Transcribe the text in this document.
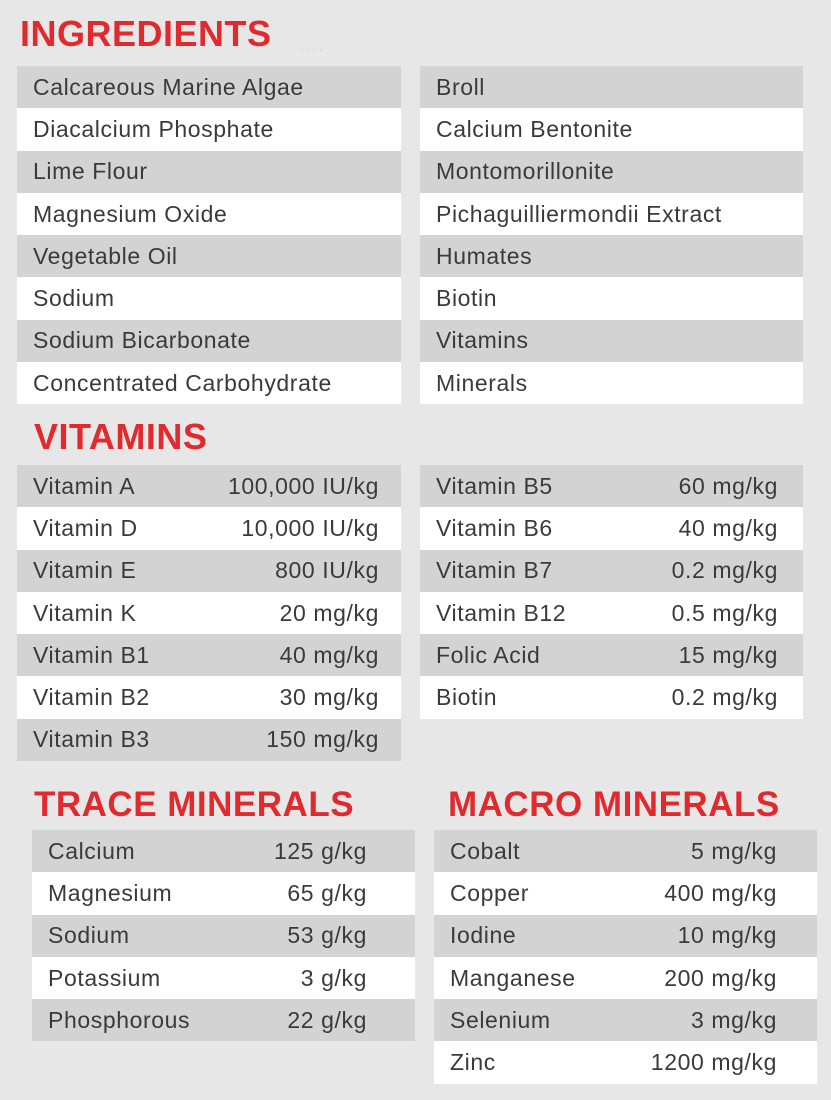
INGREDIENTS ....
Calcareous Marine Algae
Diacalcium Phosphate
Lime Flour
Magnesium Oxide
Vegetable Oil
Sodium
Sodium Bicarbonate
Concentrated Carbohydrate
Broll
Calcium Bentonite
Montomorillonite
Pichaguilliermondii Extract
Humates
Biotin
Vitamins
Minerals
VITAMINS
Vitamin A	100,000 IU/kg
Vitamin D	10,000 IU/kg
Vitamin E	800 IU/kg
Vitamin K	20 mg/kg
Vitamin B1	40 mg/kg
Vitamin B2	30 mg/kg
Vitamin B3	150 mg/kg
Vitamin B5	60 mg/kg
Vitamin B6	40 mg/kg
Vitamin B7	0.2 mg/kg
Vitamin B12	0.5 mg/kg
Folic Acid	15 mg/kg
Biotin	0.2 mg/kg
TRACE MINERALS
Calcium	125 g/kg
Magnesium	65 g/kg
Sodium	53 g/kg
Potassium	3 g/kg
Phosphorous	22 g/kg
MACRO MINERALS
Cobalt	5 mg/kg
Copper	400 mg/kg
Iodine	10 mg/kg
Manganese	200 mg/kg
Selenium	3 mg/kg
Zinc	1200 mg/kg
